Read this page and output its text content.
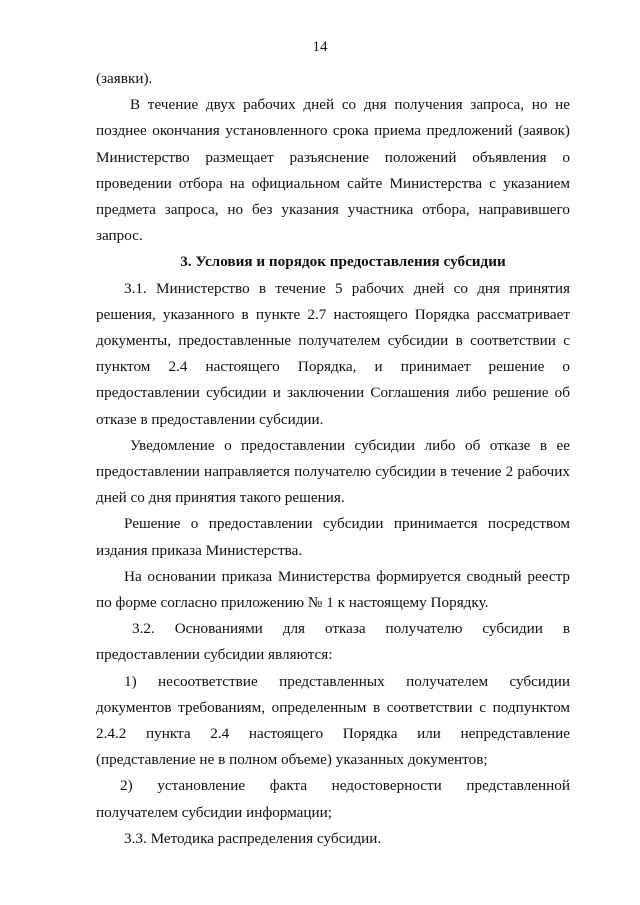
14

(заявки).

В течение двух рабочих дней со дня получения запроса, но не позднее окончания установленного срока приема предложений (заявок) Министерство размещает разъяснение положений объявления о проведении отбора на официальном сайте Министерства с указанием предмета запроса, но без указания участника отбора, направившего запрос.

3. Условия и порядок предоставления субсидии

3.1. Министерство в течение 5 рабочих дней со дня принятия решения, указанного в пункте 2.7 настоящего Порядка рассматривает документы, предоставленные получателем субсидии в соответствии с пунктом 2.4 настоящего Порядка, и принимает решение о предоставлении субсидии и заключении Соглашения либо решение об отказе в предоставлении субсидии.

Уведомление о предоставлении субсидии либо об отказе в ее предоставлении направляется получателю субсидии в течение 2 рабочих дней со дня принятия такого решения.

Решение о предоставлении субсидии принимается посредством издания приказа Министерства.

На основании приказа Министерства формируется сводный реестр по форме согласно приложению № 1 к настоящему Порядку.

3.2. Основаниями для отказа получателю субсидии в

предоставлении субсидии являются:

1) несоответствие представленных получателем субсидии документов требованиям, определенным в соответствии с подпунктом 2.4.2 пункта 2.4 настоящего Порядка или непредставление (представление не в полном объеме) указанных документов;

2) установление факта недостоверности представленной

получателем субсидии информации;

3.3. Методика распределения субсидии.
